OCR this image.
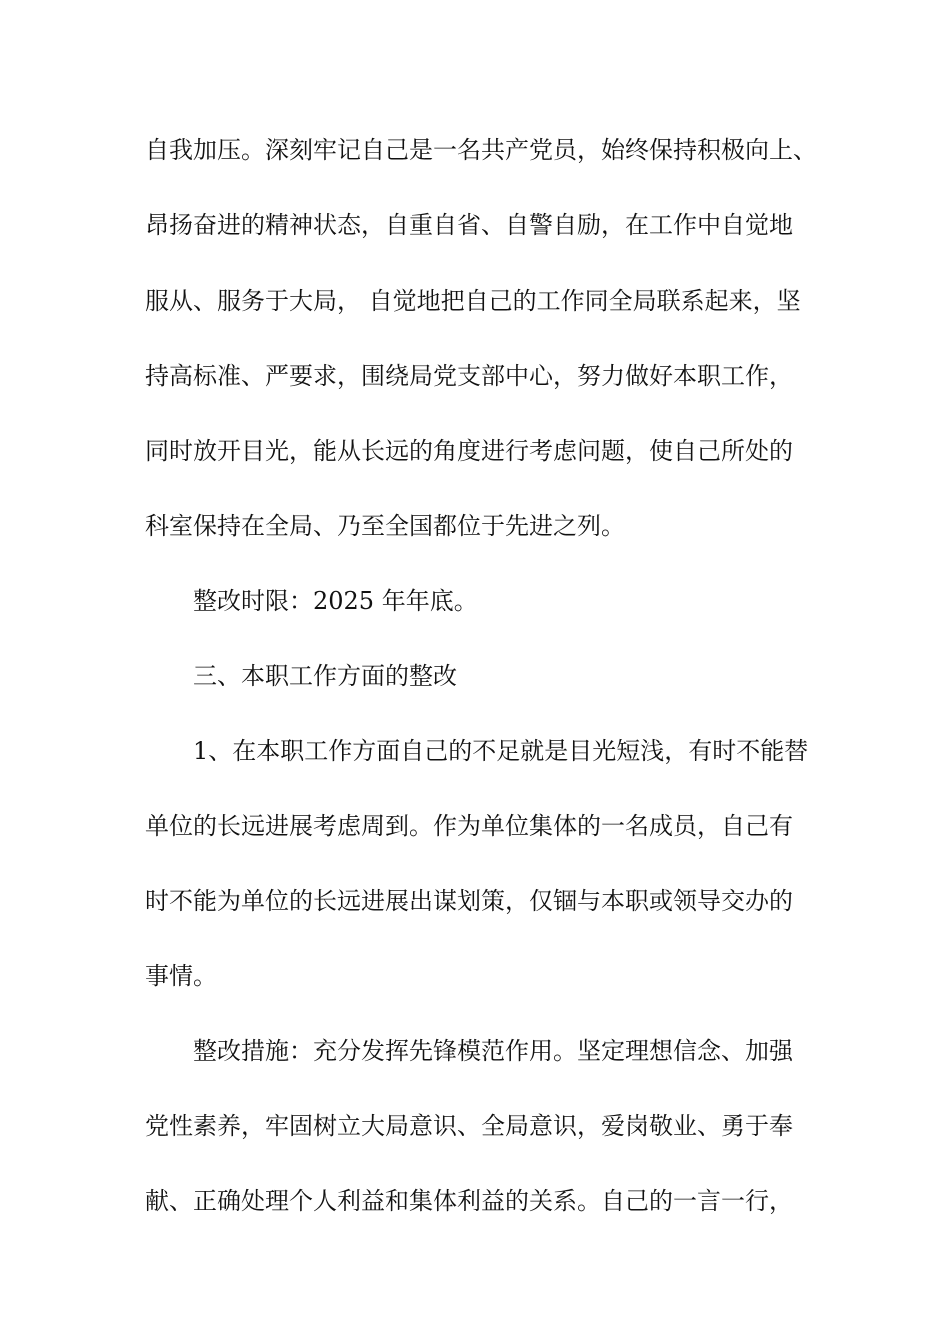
自我加压。深刻牢记自己是一名共产党员，始终保持积极向上、
昂扬奋进的精神状态，自重自省、自警自励，在工作中自觉地
服从、服务于大局， 自觉地把自己的工作同全局联系起来，坚
持高标准、严要求，围绕局党支部中心，努力做好本职工作，
同时放开目光，能从长远的角度进行考虑问题，使自己所处的
科室保持在全局、乃至全国都位于先进之列。
整改时限：2025 年年底。
三、本职工作方面的整改
1、在本职工作方面自己的不足就是目光短浅，有时不能替
单位的长远进展考虑周到。作为单位集体的一名成员，自己有
时不能为单位的长远进展出谋划策，仅锢与本职或领导交办的
事情。
整改措施：充分发挥先锋模范作用。坚定理想信念、加强
党性素养，牢固树立大局意识、全局意识，爱岗敬业、勇于奉
献、正确处理个人利益和集体利益的关系。自己的一言一行，
